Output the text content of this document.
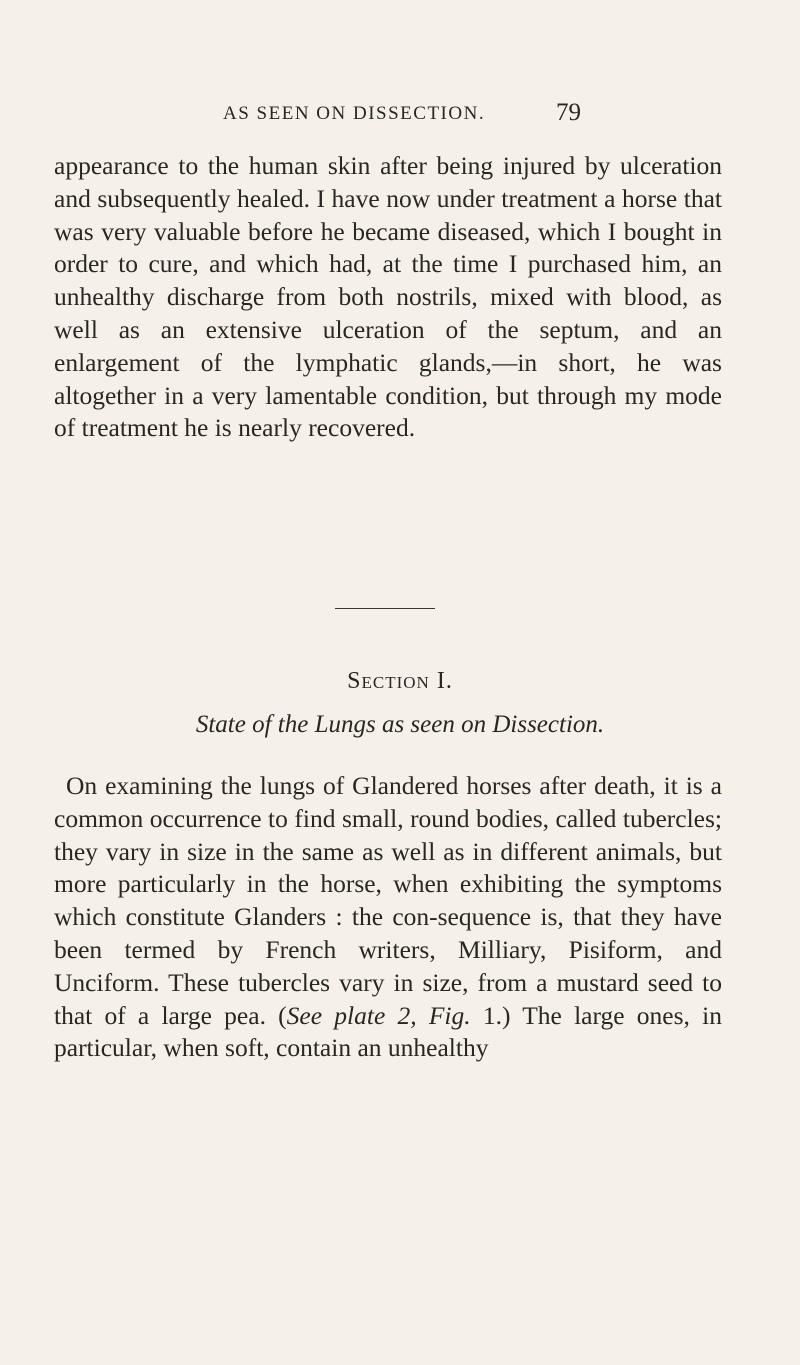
AS SEEN ON DISSECTION.	79

appearance to the human skin after being injured by ulceration and subsequently healed. I have now under treatment a horse that was very valuable before he became diseased, which I bought in order to cure, and which had, at the time I purchased him, an unhealthy discharge from both nostrils, mixed with blood, as well as an extensive ulceration of the septum, and an enlargement of the lymphatic glands,—in short, he was altogether in a very lamentable condition, but through my mode of treatment he is nearly recovered.

Section I.
State of the Lungs as seen on Dissection.

On examining the lungs of Glandered horses after death, it is a common occurrence to find small, round bodies, called tubercles; they vary in size in the same as well as in different animals, but more particularly in the horse, when exhibiting the symptoms which constitute Glanders : the con-sequence is, that they have been termed by French writers, Milliary, Pisiform, and Unciform. These tubercles vary in size, from a mustard seed to that of a large pea. (See plate 2, Fig. 1.) The large ones, in particular, when soft, contain an unhealthy
